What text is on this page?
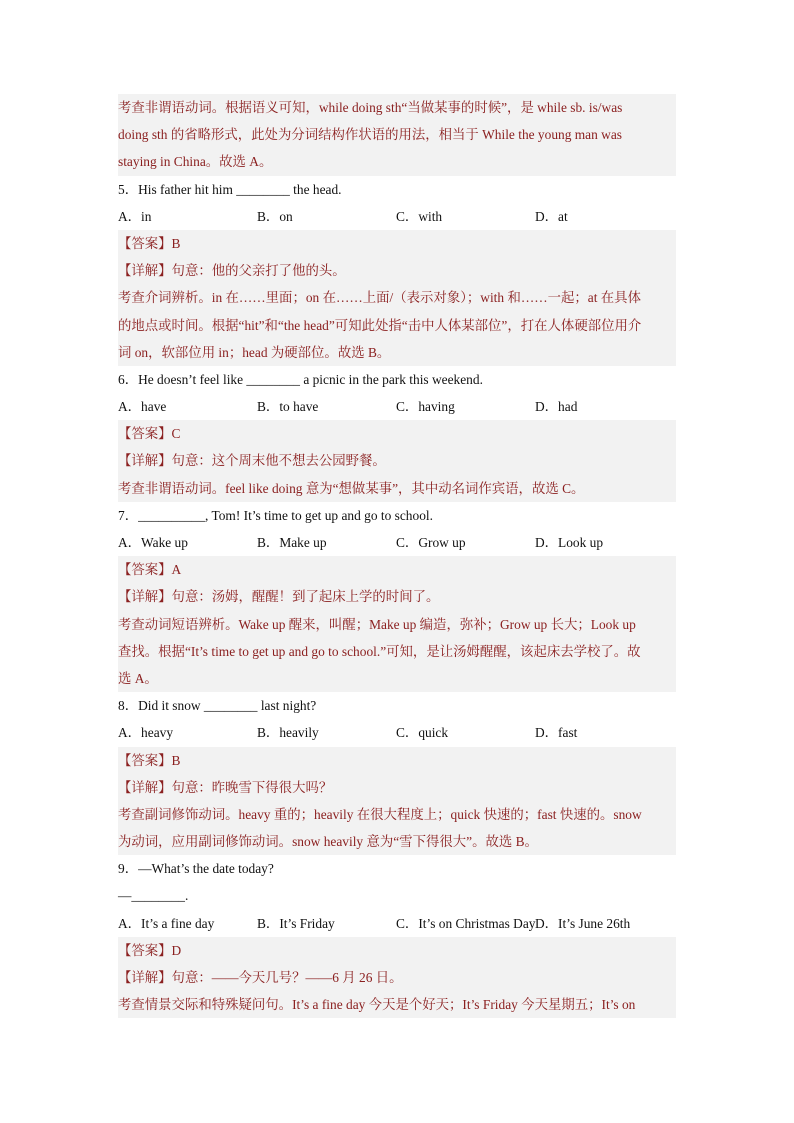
考查非谓语动词。根据语义可知，while doing sth“当做某事的时候”，是 while sb. is/was
doing sth 的省略形式，此处为分词结构作状语的用法，相当于 While the young man was
staying in China。故选 A。
5．His father hit him ________ the head.
A．in	B．on	C．with	D．at
【答案】B
【详解】句意：他的父亲打了他的头。
考查介词辨析。in 在……里面；on 在……上面/（表示对象）；with 和……一起；at 在具体
的地点或时间。根据“hit”和“the head”可知此处指“击中人体某部位”，打在人体硬部位用介
词 on，软部位用 in；head 为硬部位。故选 B。
6．He doesn’t feel like ________ a picnic in the park this weekend.
A．have	B．to have	C．having	D．had
【答案】C
【详解】句意：这个周末他不想去公园野餐。
考查非谓语动词。feel like doing 意为“想做某事”，其中动名词作宾语，故选 C。
7．__________, Tom! It’s time to get up and go to school.
A．Wake up	B．Make up	C．Grow up	D．Look up
【答案】A
【详解】句意：汤姆，醒醒！到了起床上学的时间了。
考查动词短语辨析。Wake up 醒来，叫醒；Make up 编造，弥补；Grow up 长大；Look up
查找。根据“It’s time to get up and go to school.”可知，是让汤姆醒醒，该起床去学校了。故
选 A。
8．Did it snow ________ last night?
A．heavy	B．heavily	C．quick	D．fast
【答案】B
【详解】句意：昨晚雪下得很大吗？
考查副词修饰动词。heavy 重的；heavily 在很大程度上；quick 快速的；fast 快速的。snow
为动词，应用副词修饰动词。snow heavily 意为“雪下得很大”。故选 B。
9．—What’s the date today?
—________.
A．It’s a fine day	B．It’s Friday	C．It’s on Christmas Day D．It’s June 26th
【答案】D
【详解】句意：——今天几号？——6 月 26 日。
考查情景交际和特殊疑问句。It’s a fine day 今天是个好天；It’s Friday 今天星期五；It’s on
